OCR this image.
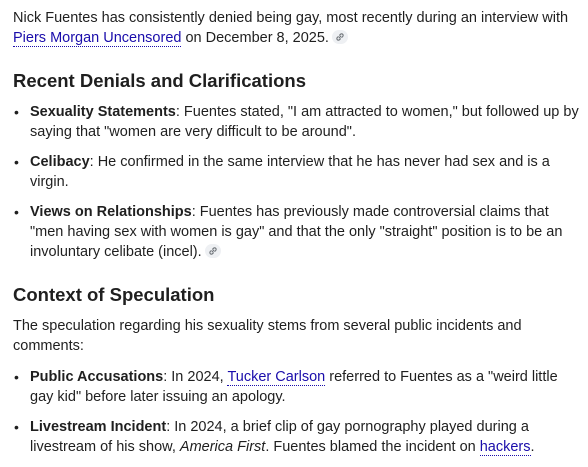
Nick Fuentes has consistently denied being gay, most recently during an interview with Piers Morgan Uncensored on December 8, 2025.

Recent Denials and Clarifications
• Sexuality Statements: Fuentes stated, "I am attracted to women," but followed up by saying that "women are very difficult to be around".
• Celibacy: He confirmed in the same interview that he has never had sex and is a virgin.
• Views on Relationships: Fuentes has previously made controversial claims that "men having sex with women is gay" and that the only "straight" position is to be an involuntary celibate (incel).
Context of Speculation

The speculation regarding his sexuality stems from several public incidents and comments:

• Public Accusations: In 2024, Tucker Carlson referred to Fuentes as a "weird little gay kid" before later issuing an apology.
• Livestream Incident: In 2024, a brief clip of gay pornography played during a livestream of his show, America First. Fuentes blamed the incident on hackers.
